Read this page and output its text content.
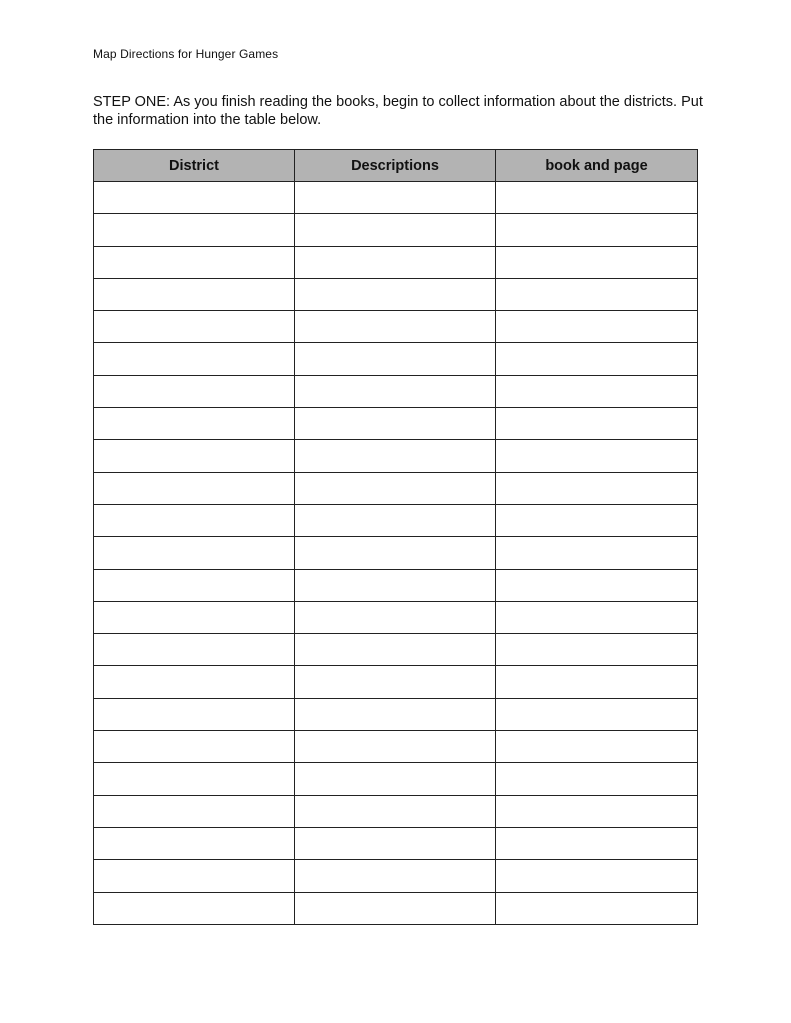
Map Directions for Hunger Games
STEP ONE: As you finish reading the books, begin to collect information about the districts. Put the information into the table below.
District	Descriptions	book and page
